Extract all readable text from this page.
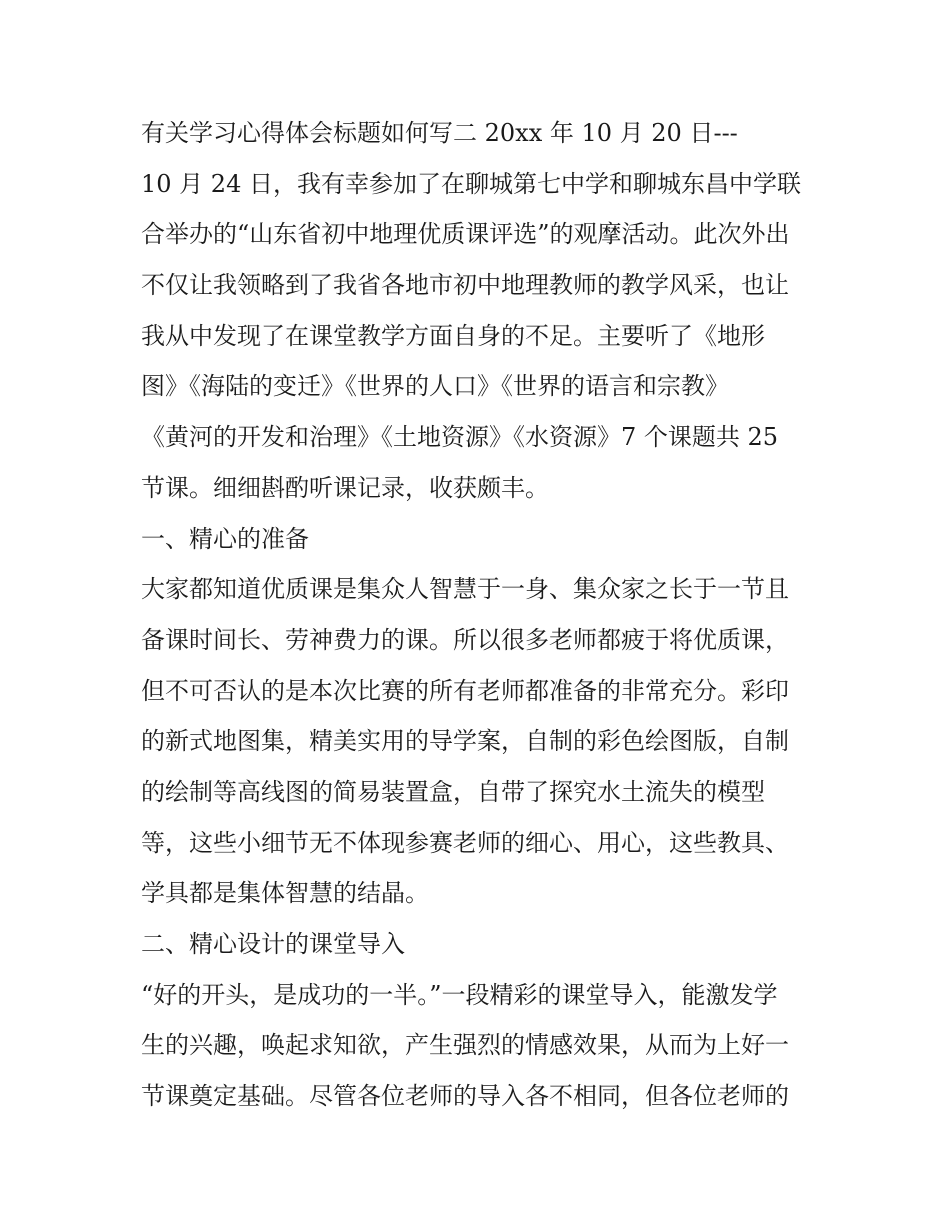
有关学习心得体会标题如何写二 20xx 年 10 月 20 日---
10 月 24 日，我有幸参加了在聊城第七中学和聊城东昌中学联
合举办的“山东省初中地理优质课评选”的观摩活动。此次外出
不仅让我领略到了我省各地市初中地理教师的教学风采，也让
我从中发现了在课堂教学方面自身的不足。主要听了《地形
图》《海陆的变迁》《世界的人口》《世界的语言和宗教》
《黄河的开发和治理》《土地资源》《水资源》7 个课题共 25
节课。细细斟酌听课记录，收获颇丰。
一、精心的准备
大家都知道优质课是集众人智慧于一身、集众家之长于一节且
备课时间长、劳神费力的课。所以很多老师都疲于将优质课，
但不可否认的是本次比赛的所有老师都准备的非常充分。彩印
的新式地图集，精美实用的导学案，自制的彩色绘图版，自制
的绘制等高线图的简易装置盒，自带了探究水土流失的模型
等，这些小细节无不体现参赛老师的细心、用心，这些教具、
学具都是集体智慧的结晶。
二、精心设计的课堂导入
“好的开头，是成功的一半。”一段精彩的课堂导入，能激发学
生的兴趣，唤起求知欲，产生强烈的情感效果，从而为上好一
节课奠定基础。尽管各位老师的导入各不相同，但各位老师的
